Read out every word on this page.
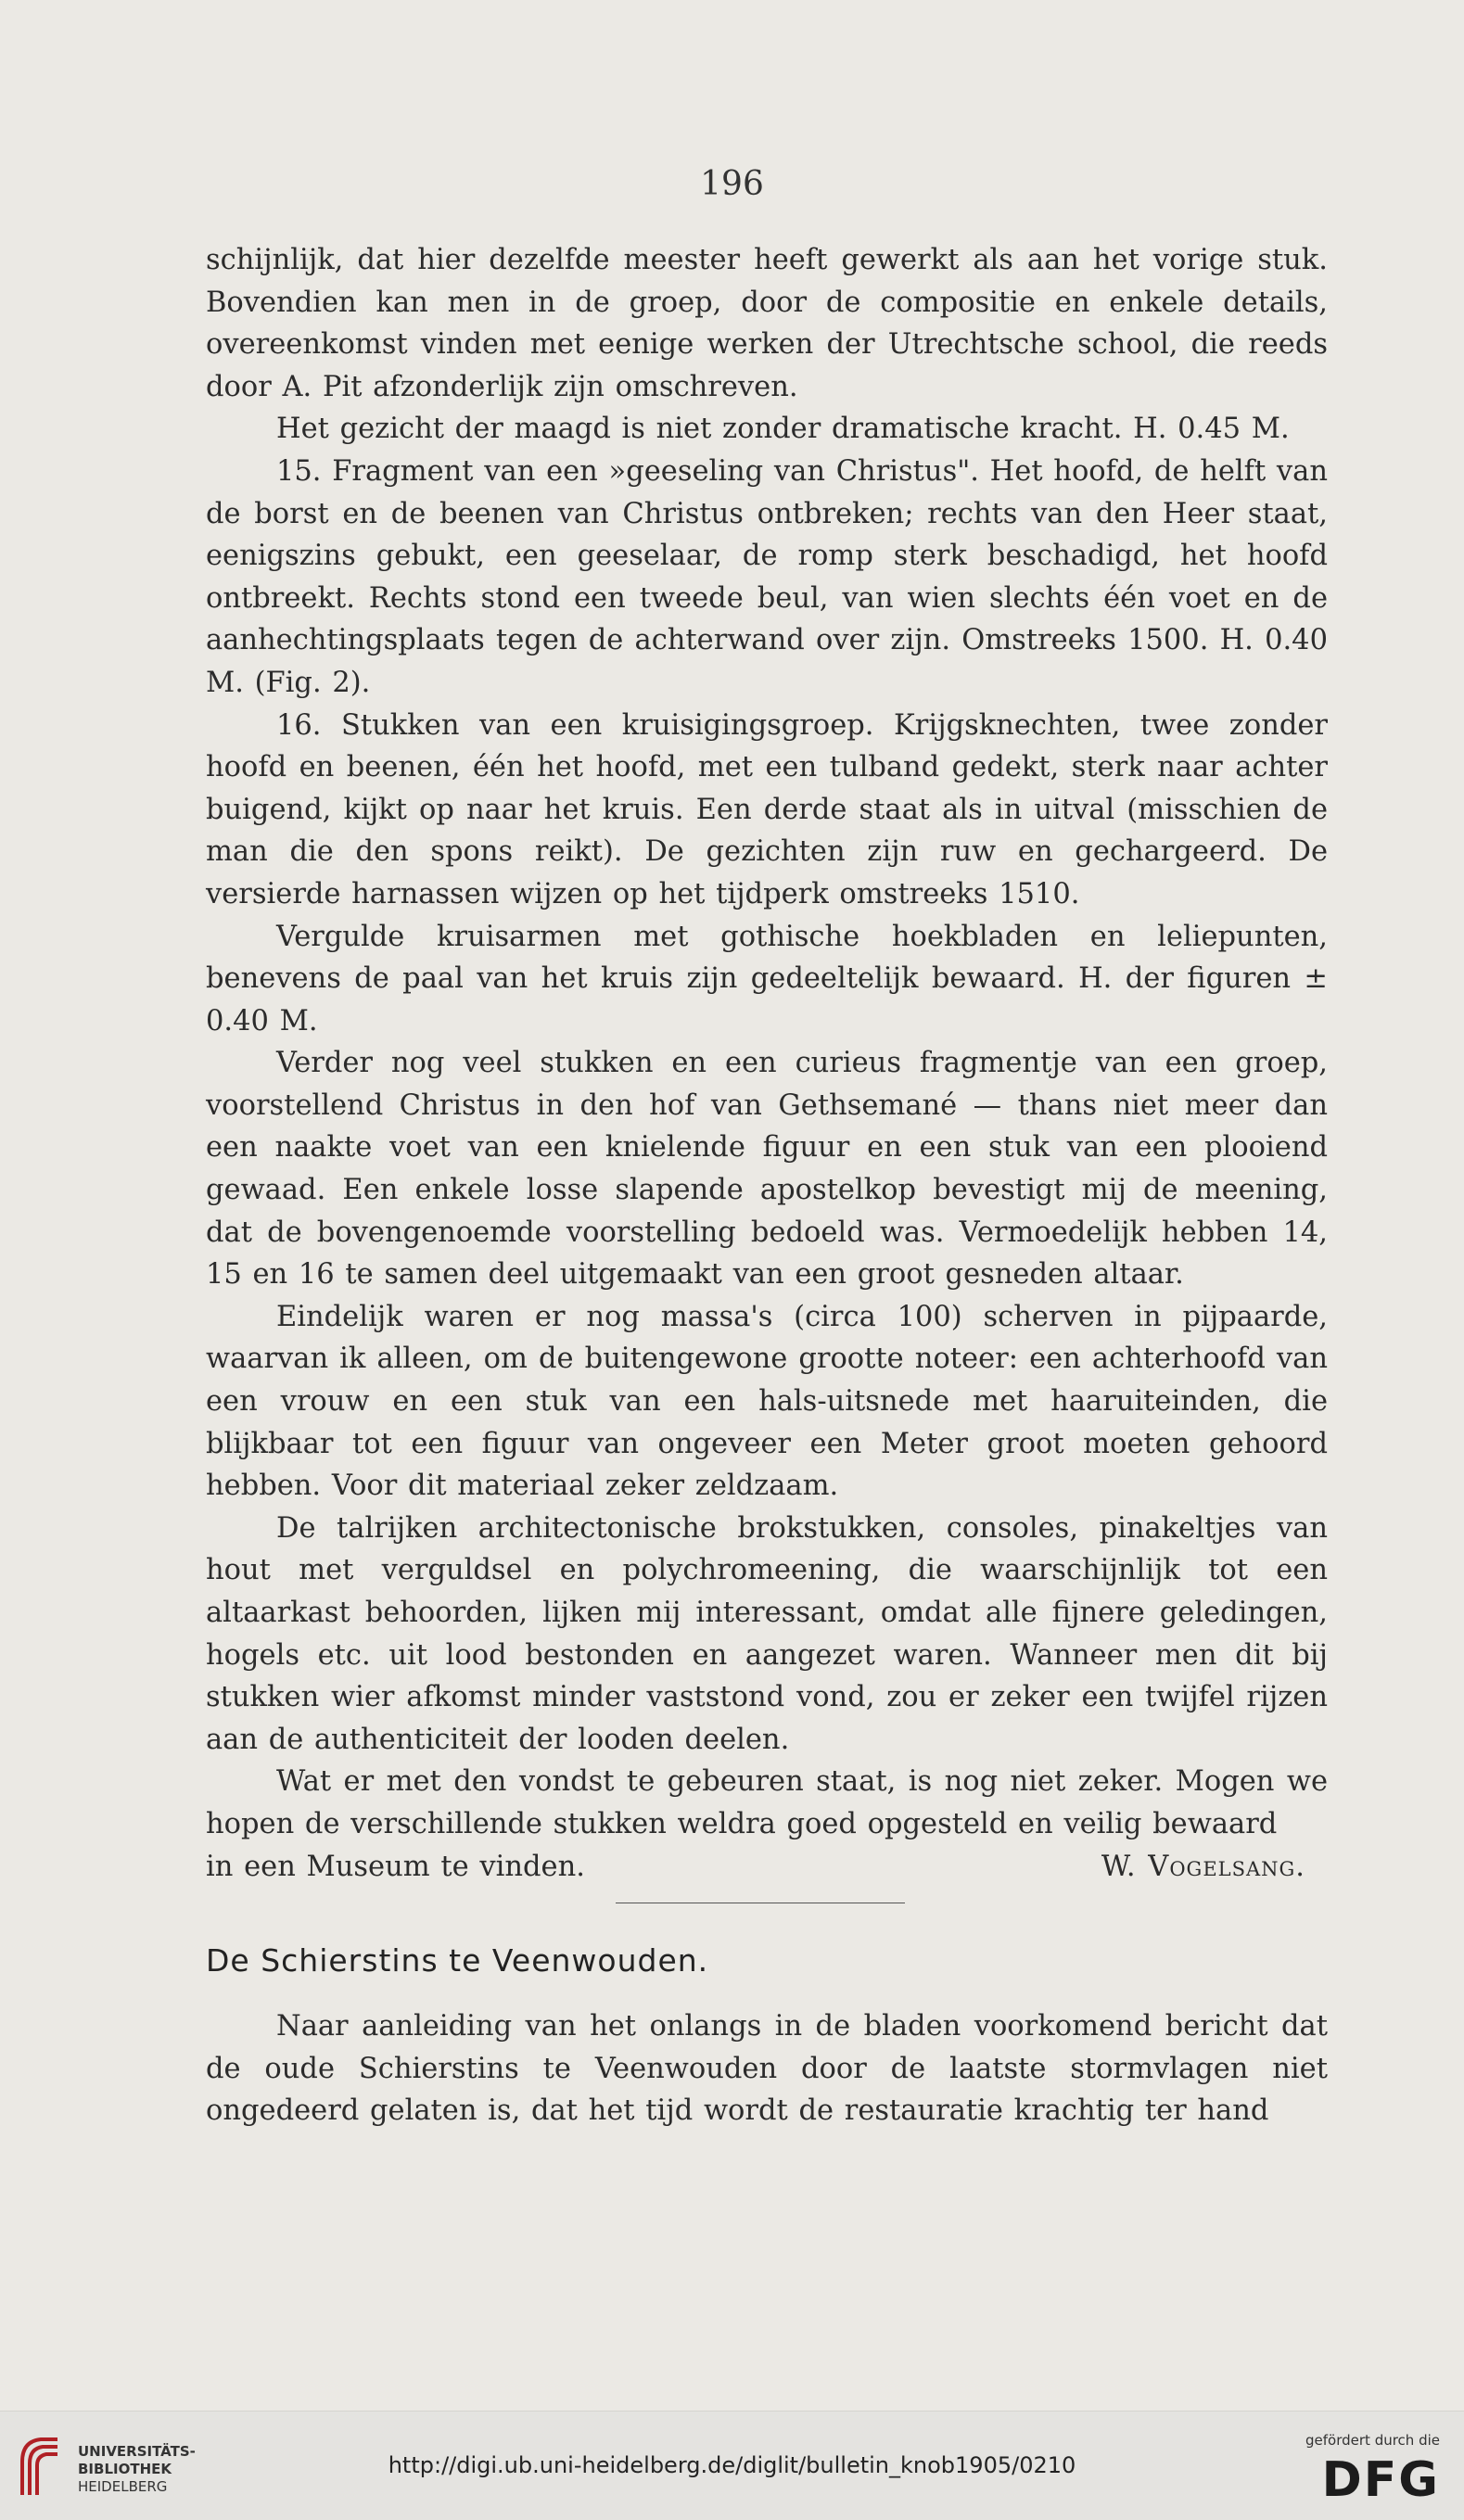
196

schijnlijk, dat hier dezelfde meester heeft gewerkt als aan het vorige stuk. Bovendien kan men in de groep, door de compositie en enkele details, overeenkomst vinden met eenige werken der Utrechtsche school, die reeds door A. Pit afzonderlijk zijn omschreven.

Het gezicht der maagd is niet zonder dramatische kracht. H. 0.45 M.

15. Fragment van een »geeseling van Christus". Het hoofd, de helft van de borst en de beenen van Christus ontbreken; rechts van den Heer staat, eenigszins gebukt, een geeselaar, de romp sterk beschadigd, het hoofd ontbreekt. Rechts stond een tweede beul, van wien slechts één voet en de aanhechtingsplaats tegen de achterwand over zijn. Omstreeks 1500. H. 0.40 M. (Fig. 2).

16. Stukken van een kruisigingsgroep. Krijgsknechten, twee zonder hoofd en beenen, één het hoofd, met een tulband gedekt, sterk naar achter buigend, kijkt op naar het kruis. Een derde staat als in uitval (misschien de man die den spons reikt). De gezichten zijn ruw en gechargeerd. De versierde harnassen wijzen op het tijdperk omstreeks 1510.

Vergulde kruisarmen met gothische hoekbladen en leliepunten, benevens de paal van het kruis zijn gedeeltelijk bewaard. H. der figuren ± 0.40 M.

Verder nog veel stukken en een curieus fragmentje van een groep, voorstellend Christus in den hof van Gethsemané — thans niet meer dan een naakte voet van een knielende figuur en een stuk van een plooiend gewaad. Een enkele losse slapende apostelkop bevestigt mij de meening, dat de bovengenoemde voorstelling bedoeld was. Vermoedelijk hebben 14, 15 en 16 te samen deel uitgemaakt van een groot gesneden altaar.

Eindelijk waren er nog massa's (circa 100) scherven in pijpaarde, waarvan ik alleen, om de buitengewone grootte noteer: een achterhoofd van een vrouw en een stuk van een hals-uitsnede met haaruiteinden, die blijkbaar tot een figuur van ongeveer een Meter groot moeten gehoord hebben. Voor dit materiaal zeker zeldzaam.

De talrijken architectonische brokstukken, consoles, pinakeltjes van hout met verguldsel en polychromeening, die waarschijnlijk tot een altaarkast behoorden, lijken mij interessant, omdat alle fijnere geledingen, hogels etc. uit lood bestonden en aangezet waren. Wanneer men dit bij stukken wier afkomst minder vaststond vond, zou er zeker een twijfel rijzen aan de authenticiteit der looden deelen.

Wat er met den vondst te gebeuren staat, is nog niet zeker. Mogen we hopen de verschillende stukken weldra goed opgesteld en veilig bewaard

in een Museum te vinden.	W. Vogelsang.
De Schierstins te Veenwouden.

Naar aanleiding van het onlangs in de bladen voorkomend bericht dat de oude Schierstins te Veenwouden door de laatste stormvlagen niet ongedeerd gelaten is, dat het tijd wordt de restauratie krachtig ter hand

UNIVERSITÄTS-
BIBLIOTHEK
HEIDELBERG
http://digi.ub.uni-heidelberg.de/diglit/bulletin_knob1905/0210
gefördert durch die
DFG
